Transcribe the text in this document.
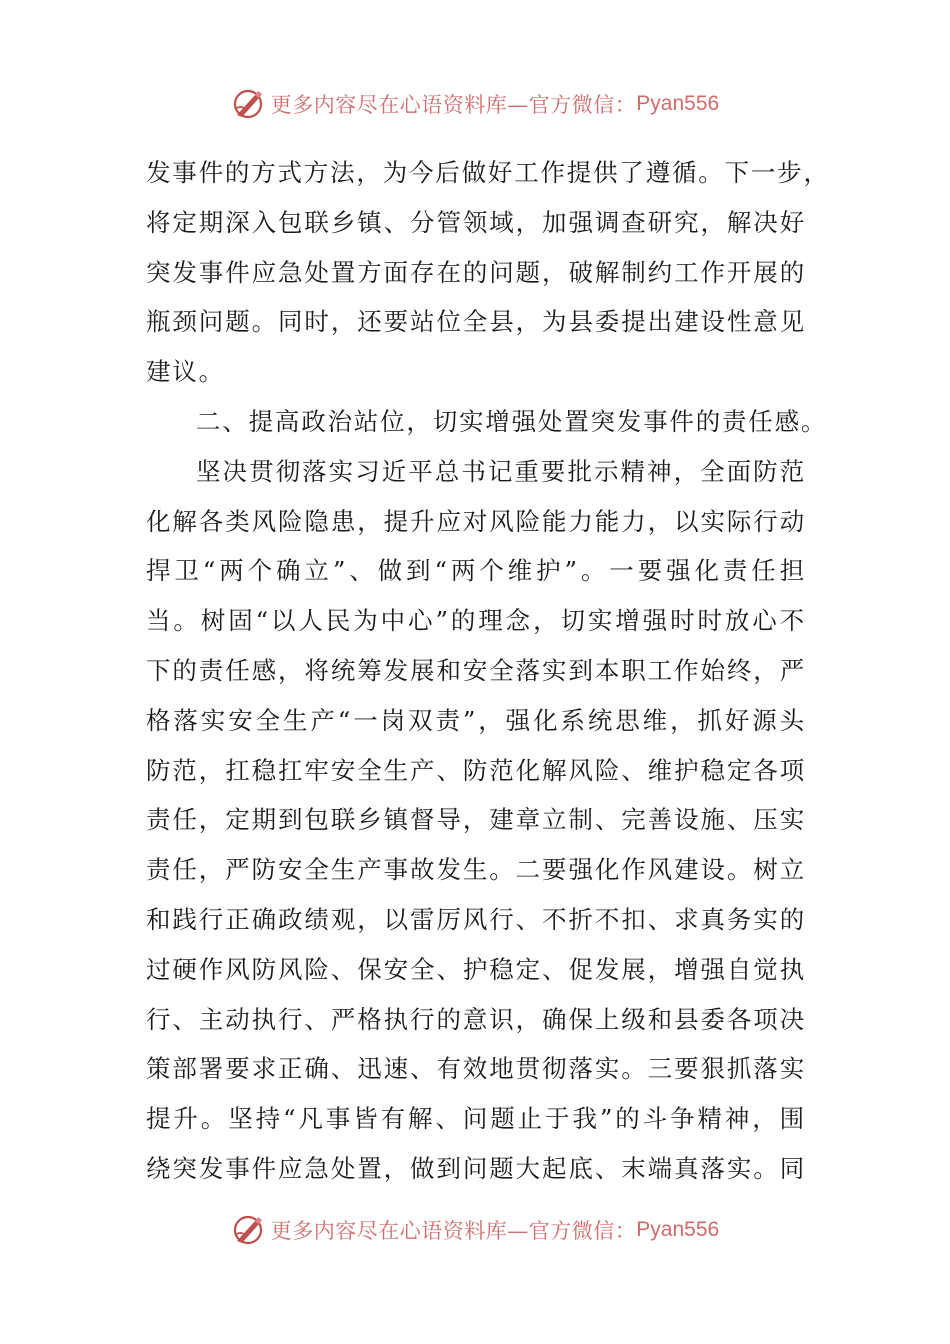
更多内容尽在心语资料库—官方微信： Pyan556
发事件的方式方法，为今后做好工作提供了遵循。下一步，
将定期深入包联乡镇、分管领域，加强调查研究，解决好
突发事件应急处置方面存在的问题，破解制约工作开展的
瓶颈问题。同时，还要站位全县，为县委提出建设性意见
建议。
二、提高政治站位，切实增强处置突发事件的责任感。
坚决贯彻落实习近平总书记重要批示精神，全面防范
化解各类风险隐患，提升应对风险能力能力，以实际行动
捍卫“两个确立”、做到“两个维护”。一要强化责任担
当。树固“以人民为中心”的理念，切实增强时时放心不
下的责任感，将统筹发展和安全落实到本职工作始终，严
格落实安全生产“一岗双责”，强化系统思维，抓好源头
防范，扛稳扛牢安全生产、防范化解风险、维护稳定各项
责任，定期到包联乡镇督导，建章立制、完善设施、压实
责任，严防安全生产事故发生。二要强化作风建设。树立
和践行正确政绩观，以雷厉风行、不折不扣、求真务实的
过硬作风防风险、保安全、护稳定、促发展，增强自觉执
行、主动执行、严格执行的意识，确保上级和县委各项决
策部署要求正确、迅速、有效地贯彻落实。三要狠抓落实
提升。坚持“凡事皆有解、问题止于我”的斗争精神，围
绕突发事件应急处置，做到问题大起底、末端真落实。同
更多内容尽在心语资料库—官方微信： Pyan556
